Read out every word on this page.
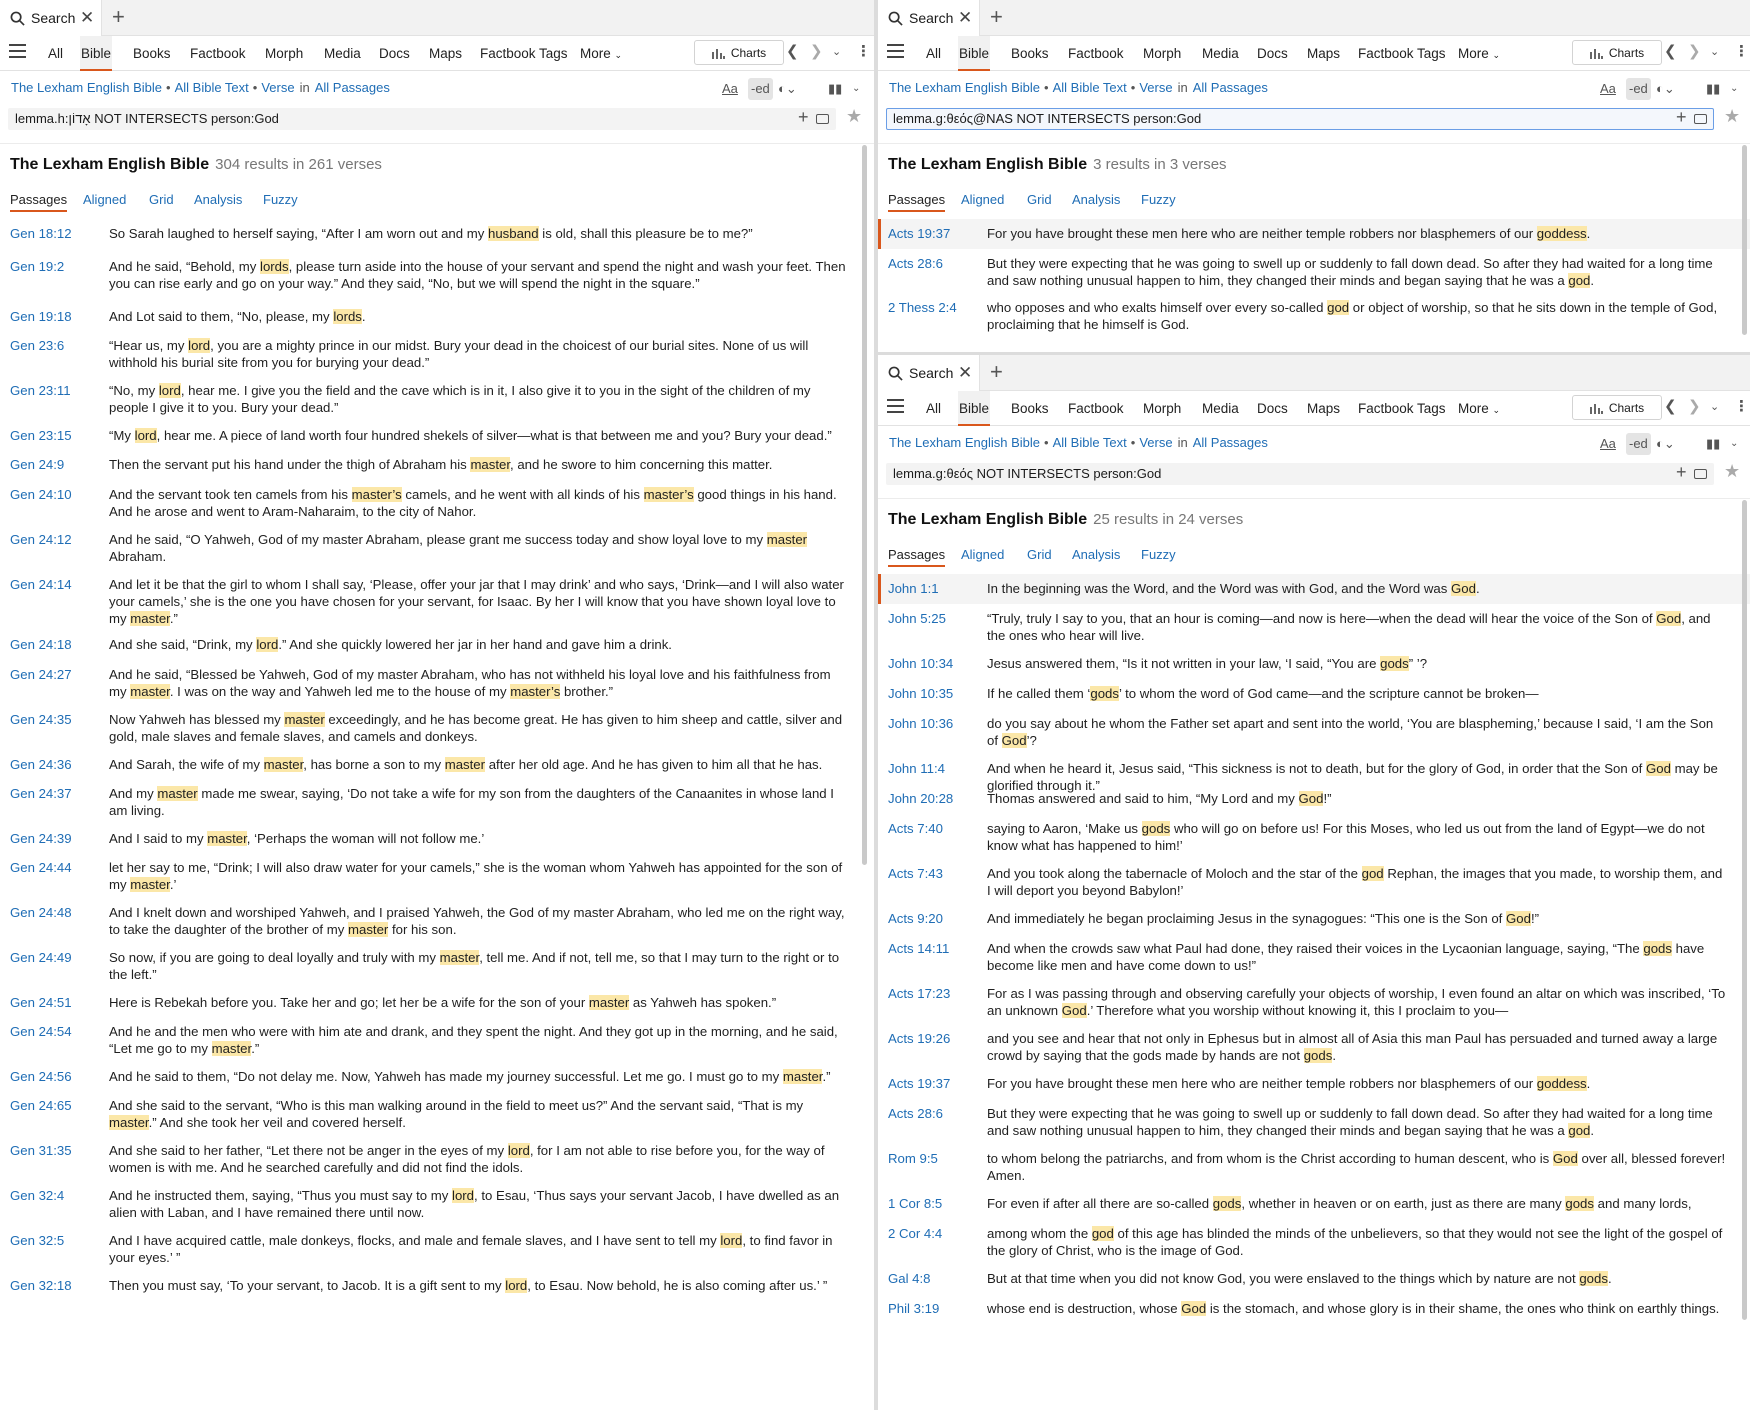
Search ✕ +
All Bible Books Factbook Morph Media Docs Maps Factbook Tags More ⌄	Charts ❮ ❯ ⌄ ⋮
The Lexham English Bible • All Bible Text • Verse in All Passages	Aa -ed ◐⌄ ▮▮ ⌄
lemma.h:אָדוֹן NOT INTERSECTS person:God	+ ★
The Lexham English Bible 304 results in 261 verses
Passages Aligned Grid Analysis Fuzzy
Gen 18:12	So Sarah laughed to herself saying, “After I am worn out and my husband is old, shall this pleasure be to me?”
Gen 19:2	And he said, “Behold, my lords, please turn aside into the house of your servant and spend the night and wash your feet. Then you can rise early and go on your way.” And they said, “No, but we will spend the night in the square.”
Gen 19:18	And Lot said to them, “No, please, my lords.
Gen 23:6	“Hear us, my lord, you are a mighty prince in our midst. Bury your dead in the choicest of our burial sites. None of us will withhold his burial site from you for burying your dead.”
Gen 23:11	“No, my lord, hear me. I give you the field and the cave which is in it, I also give it to you in the sight of the children of my people I give it to you. Bury your dead.”
Gen 23:15	“My lord, hear me. A piece of land worth four hundred shekels of silver—what is that between me and you? Bury your dead.”
Gen 24:9	Then the servant put his hand under the thigh of Abraham his master, and he swore to him concerning this matter.
Gen 24:10	And the servant took ten camels from his master’s camels, and he went with all kinds of his master’s good things in his hand. And he arose and went to Aram-Naharaim, to the city of Nahor.
Gen 24:12	And he said, “O Yahweh, God of my master Abraham, please grant me success today and show loyal love to my master Abraham.
Gen 24:14	And let it be that the girl to whom I shall say, ‘Please, offer your jar that I may drink’ and who says, ‘Drink—and I will also water your camels,’ she is the one you have chosen for your servant, for Isaac. By her I will know that you have shown loyal love to my master.”
Gen 24:18	And she said, “Drink, my lord.” And she quickly lowered her jar in her hand and gave him a drink.
Gen 24:27	And he said, “Blessed be Yahweh, God of my master Abraham, who has not withheld his loyal love and his faithfulness from my master. I was on the way and Yahweh led me to the house of my master’s brother.”
Gen 24:35	Now Yahweh has blessed my master exceedingly, and he has become great. He has given to him sheep and cattle, silver and gold, male slaves and female slaves, and camels and donkeys.
Gen 24:36	And Sarah, the wife of my master, has borne a son to my master after her old age. And he has given to him all that he has.
Gen 24:37	And my master made me swear, saying, ‘Do not take a wife for my son from the daughters of the Canaanites in whose land I am living.
Gen 24:39	And I said to my master, ‘Perhaps the woman will not follow me.’
Gen 24:44	let her say to me, “Drink; I will also draw water for your camels,” she is the woman whom Yahweh has appointed for the son of my master.’
Gen 24:48	And I knelt down and worshiped Yahweh, and I praised Yahweh, the God of my master Abraham, who led me on the right way, to take the daughter of the brother of my master for his son.
Gen 24:49	So now, if you are going to deal loyally and truly with my master, tell me. And if not, tell me, so that I may turn to the right or to the left.”
Gen 24:51	Here is Rebekah before you. Take her and go; let her be a wife for the son of your master as Yahweh has spoken.”
Gen 24:54	And he and the men who were with him ate and drank, and they spent the night. And they got up in the morning, and he said, “Let me go to my master.”
Gen 24:56	And he said to them, “Do not delay me. Now, Yahweh has made my journey successful. Let me go. I must go to my master.”
Gen 24:65	And she said to the servant, “Who is this man walking around in the field to meet us?” And the servant said, “That is my master.” And she took her veil and covered herself.
Gen 31:35	And she said to her father, “Let there not be anger in the eyes of my lord, for I am not able to rise before you, for the way of women is with me. And he searched carefully and did not find the idols.
Gen 32:4	And he instructed them, saying, “Thus you must say to my lord, to Esau, ‘Thus says your servant Jacob, I have dwelled as an alien with Laban, and I have remained there until now.
Gen 32:5	And I have acquired cattle, male donkeys, flocks, and male and female slaves, and I have sent to tell my lord, to find favor in your eyes.’ ”
Gen 32:18	Then you must say, ‘To your servant, to Jacob. It is a gift sent to my lord, to Esau. Now behold, he is also coming after us.’ ”
Search ✕ +
All Bible Books Factbook Morph Media Docs Maps Factbook Tags More ⌄	Charts ❮ ❯ ⌄ ⋮
The Lexham English Bible • All Bible Text • Verse in All Passages	Aa -ed ◐⌄ ▮▮ ⌄
lemma.g:θεός@NAS NOT INTERSECTS person:God	+ ★
The Lexham English Bible 3 results in 3 verses
Passages Aligned Grid Analysis Fuzzy
Acts 19:37	For you have brought these men here who are neither temple robbers nor blasphemers of our goddess.
Acts 28:6	But they were expecting that he was going to swell up or suddenly to fall down dead. So after they had waited for a long time and saw nothing unusual happen to him, they changed their minds and began saying that he was a god.
2 Thess 2:4 who opposes and who exalts himself over every so-called god or object of worship, so that he sits down in the temple of God, proclaiming that he himself is God.
Search ✕ +
All Bible Books Factbook Morph Media Docs Maps Factbook Tags More ⌄	Charts ❮ ❯ ⌄ ⋮
The Lexham English Bible • All Bible Text • Verse in All Passages	Aa -ed ◐⌄ ▮▮ ⌄
lemma.g:θεός NOT INTERSECTS person:God	+ ★
The Lexham English Bible 25 results in 24 verses
Passages Aligned Grid Analysis Fuzzy
John 1:1	In the beginning was the Word, and the Word was with God, and the Word was God.
John 5:25	“Truly, truly I say to you, that an hour is coming—and now is here—when the dead will hear the voice of the Son of God, and the ones who hear will live.
John 10:34	Jesus answered them, “Is it not written in your law, ‘I said, “You are gods” ’?
John 10:35	If he called them ‘gods’ to whom the word of God came—and the scripture cannot be broken—
John 10:36	do you say about he whom the Father set apart and sent into the world, ‘You are blaspheming,’ because I said, ‘I am the Son of God’?
John 11:4	And when he heard it, Jesus said, “This sickness is not to death, but for the glory of God, in order that the Son of God may be glorified through it.”
John 20:28	Thomas answered and said to him, “My Lord and my God!”
Acts 7:40	saying to Aaron, ‘Make us gods who will go on before us! For this Moses, who led us out from the land of Egypt—we do not know what has happened to him!’
Acts 7:43	And you took along the tabernacle of Moloch and the star of the god Rephan, the images that you made, to worship them, and I will deport you beyond Babylon!’
Acts 9:20	And immediately he began proclaiming Jesus in the synagogues: “This one is the Son of God!”
Acts 14:11	And when the crowds saw what Paul had done, they raised their voices in the Lycaonian language, saying, “The gods have become like men and have come down to us!”
Acts 17:23	For as I was passing through and observing carefully your objects of worship, I even found an altar on which was inscribed, ‘To an unknown God.’ Therefore what you worship without knowing it, this I proclaim to you—
Acts 19:26	and you see and hear that not only in Ephesus but in almost all of Asia this man Paul has persuaded and turned away a large crowd by saying that the gods made by hands are not gods.
Acts 19:37	For you have brought these men here who are neither temple robbers nor blasphemers of our goddess.
Acts 28:6	But they were expecting that he was going to swell up or suddenly to fall down dead. So after they had waited for a long time and saw nothing unusual happen to him, they changed their minds and began saying that he was a god.
Rom 9:5	to whom belong the patriarchs, and from whom is the Christ according to human descent, who is God over all, blessed forever! Amen.
1 Cor 8:5	For even if after all there are so-called gods, whether in heaven or on earth, just as there are many gods and many lords,
2 Cor 4:4	among whom the god of this age has blinded the minds of the unbelievers, so that they would not see the light of the gospel of the glory of Christ, who is the image of God.
Gal 4:8	But at that time when you did not know God, you were enslaved to the things which by nature are not gods.
Phil 3:19	whose end is destruction, whose God is the stomach, and whose glory is in their shame, the ones who think on earthly things.
